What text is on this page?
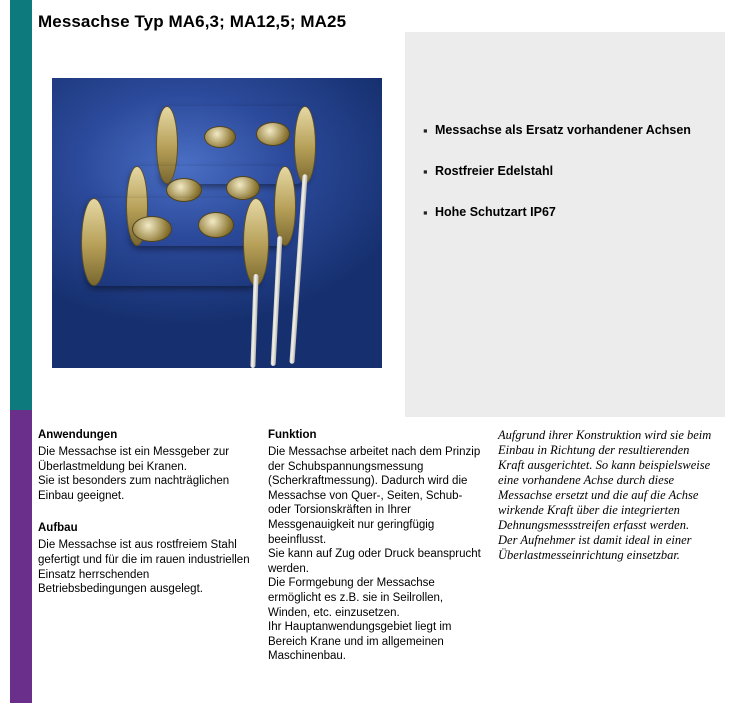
Messachse Typ MA6,3; MA12,5; MA25
▪
Messachse als Ersatz vorhandener Achsen
▪
Rostfreier Edelstahl
▪
Hohe Schutzart IP67
Anwendungen

Die Messachse ist ein Messgeber zur Überlastmeldung bei Kranen.

Sie ist besonders zum nachträglichen Einbau geeignet.

Aufbau

Die Messachse ist aus rostfreiem Stahl gefertigt und für die im rauen industriellen Einsatz herrschenden Betriebsbedingungen ausgelegt.

Funktion

Die Messachse arbeitet nach dem Prinzip der Schubspannungsmessung (Scherkraftmessung). Dadurch wird die Messachse von Quer-, Seiten, Schub- oder Torsionskräften in Ihrer Messgenauigkeit nur geringfügig beeinflusst.

Sie kann auf Zug oder Druck beansprucht werden.

Die Formgebung der Messachse ermöglicht es z.B. sie in Seilrollen, Winden, etc. einzusetzen.

Ihr Hauptanwendungsgebiet liegt im Bereich Krane und im allgemeinen Maschinenbau.

Aufgrund ihrer Konstruktion wird sie beim Einbau in Richtung der resultierenden Kraft ausgerichtet. So kann beispielsweise eine vorhandene Achse durch diese Messachse ersetzt und die auf die Achse wirkende Kraft über die integrierten Dehnungsmessstreifen erfasst werden.

Der Aufnehmer ist damit ideal in einer Überlastmesseinrichtung einsetzbar.
